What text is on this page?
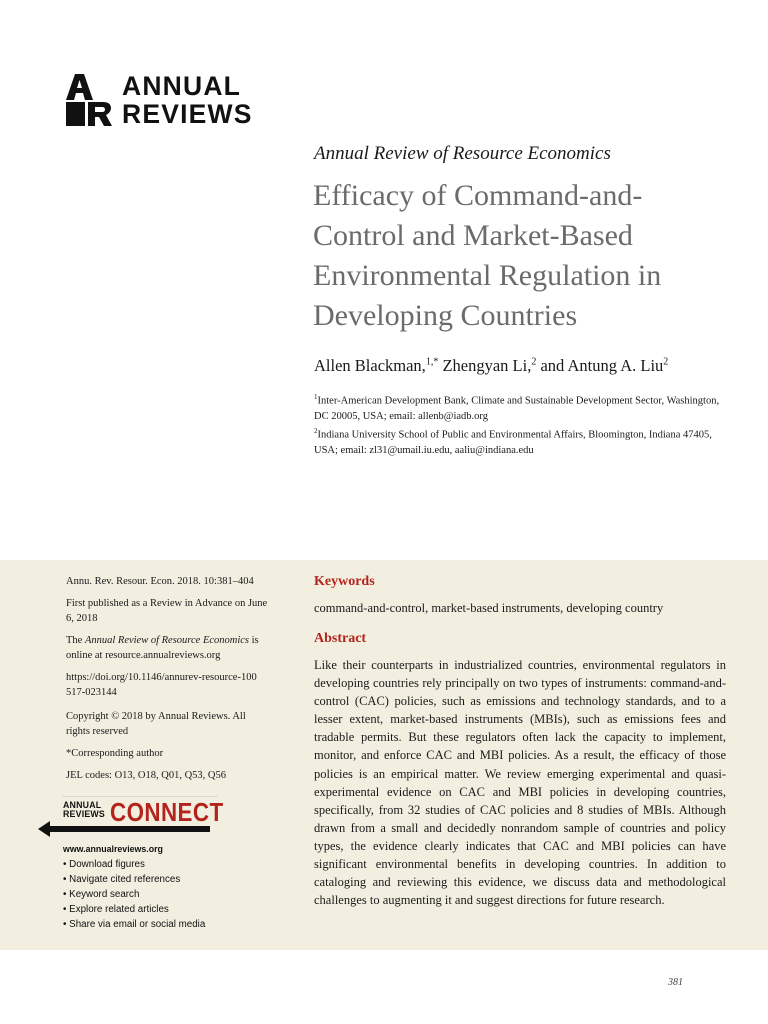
ANNUAL
REVIEWS
Annual Review of Resource Economics
Efficacy of Command-and-Control and Market-Based Environmental Regulation in Developing Countries
Allen Blackman,$^{1,*}$ Zhengyan Li,$^2$ and Antung A. Liu$^2$
$^1$Inter-American Development Bank, Climate and Sustainable Development Sector, Washington, DC 20005, USA; email: allenb@iadb.org
$^2$Indiana University School of Public and Environmental Affairs, Bloomington, Indiana 47405, USA; email: zl31@umail.iu.edu, aaliu@indiana.edu
Annu. Rev. Resour. Econ. 2018. 10:381–404
First published as a Review in Advance on June 6, 2018
The Annual Review of Resource Economics is online at resource.annualreviews.org
https://doi.org/10.1146/annurev-resource-100517-023144
Copyright © 2018 by Annual Reviews. All rights reserved
*Corresponding author
JEL codes: O13, O18, Q01, Q53, Q56
ANNUAL
REVIEWS CONNECT
www.annualreviews.org
• Download figures
• Navigate cited references
• Keyword search
• Explore related articles
• Share via email or social media
Keywords
command-and-control, market-based instruments, developing country
Abstract

Like their counterparts in industrialized countries, environmental regulators in developing countries rely principally on two types of instruments: command-and-control (CAC) policies, such as emissions and technology standards, and to a lesser extent, market-based instruments (MBIs), such as emissions fees and tradable permits. But these regulators often lack the capacity to implement, monitor, and enforce CAC and MBI policies. As a result, the efficacy of those policies is an empirical matter. We review emerging experimental and quasi-experimental evidence on CAC and MBI policies in developing countries, specifically, from 32 studies of CAC policies and 8 studies of MBIs. Although drawn from a small and decidedly nonrandom sample of countries and policy types, the evidence clearly indicates that CAC and MBI policies can have significant environmental benefits in developing countries. In addition to cataloging and reviewing this evidence, we discuss data and methodological challenges to augmenting it and suggest directions for future research.

381
